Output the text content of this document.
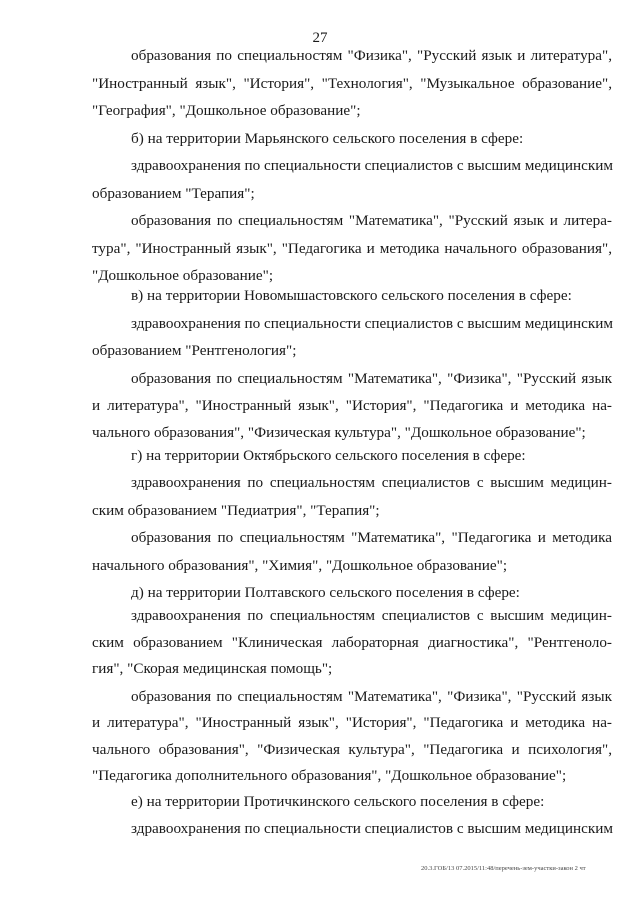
27
образования по специальностям "Физика", "Русский язык и литература",
"Иностранный язык", "История", "Технология", "Музыкальное образование",
"География", "Дошкольное образование";
б) на территории Марьянского сельского поселения в сфере:
здравоохранения по специальности специалистов с высшим медицинским
образованием "Терапия";
образования по специальностям "Математика", "Русский язык и литера-
тура", "Иностранный язык", "Педагогика и методика начального образования",
"Дошкольное образование";
в) на территории Новомышастовского сельского поселения в сфере:
здравоохранения по специальности специалистов с высшим медицинским
образованием "Рентгенология";
образования по специальностям "Математика", "Физика", "Русский язык
и литература", "Иностранный язык", "История", "Педагогика и методика на-
чального образования", "Физическая культура", "Дошкольное образование";
г) на территории Октябрьского сельского поселения в сфере:
здравоохранения по специальностям специалистов с высшим медицин-
ским образованием "Педиатрия", "Терапия";
образования по специальностям "Математика", "Педагогика и методика
начального образования", "Химия", "Дошкольное образование";
д) на территории Полтавского сельского поселения в сфере:
здравоохранения по специальностям специалистов с высшим медицин-
ским образованием "Клиническая лабораторная диагностика", "Рентгеноло-
гия", "Скорая медицинская помощь";
образования по специальностям "Математика", "Физика", "Русский язык
и литература", "Иностранный язык", "История", "Педагогика и методика на-
чального образования", "Физическая культура", "Педагогика и психология",
"Педагогика дополнительного образования", "Дошкольное образование";
е) на территории Протичкинского сельского поселения в сфере:
здравоохранения по специальности специалистов с высшим медицинским
20.3.ГОБ/13 07.2015/11:48/перечень-зем-участки-закон 2 чт
